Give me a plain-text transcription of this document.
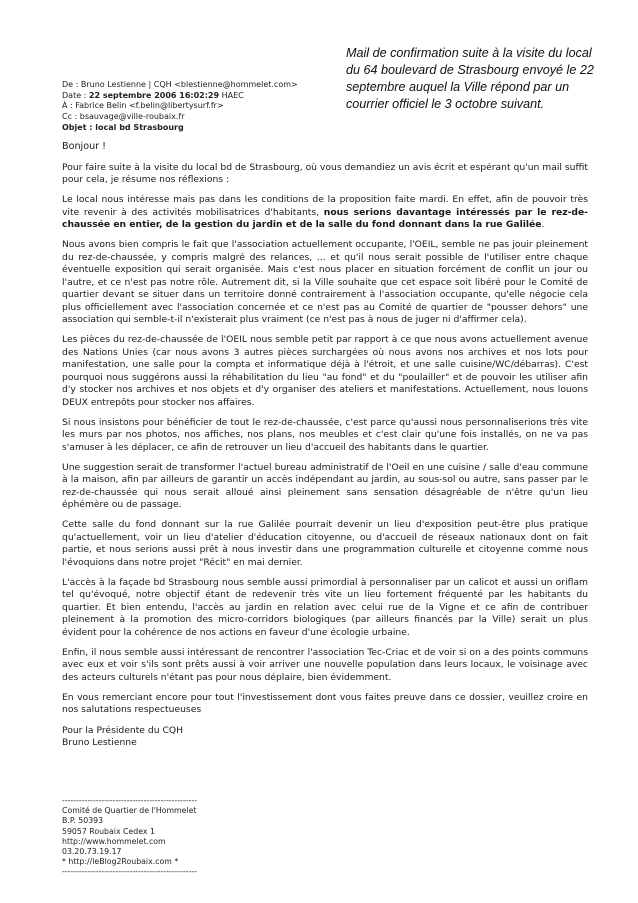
Mail de confirmation suite à la visite du local du 64 boulevard de Strasbourg envoyé le 22 septembre auquel la Ville répond par un courrier officiel le 3 octobre suivant.
De : Bruno Lestienne | CQH <blestienne@hommelet.com>
Date : 22 septembre 2006 16:02:29 HAEC
À : Fabrice Belin <f.belin@libertysurf.fr>
Cc : bsauvage@ville-roubaix.fr
Objet : local bd Strasbourg

Bonjour !

Pour faire suite à la visite du local bd de Strasbourg, où vous demandiez un avis écrit et espérant qu'un mail suffit pour cela, je résume nos réflexions :

Le local nous intéresse mais pas dans les conditions de la proposition faite mardi. En effet, afin de pouvoir très vite revenir à des activités mobilisatrices d'habitants, nous serions davantage intéressés par le rez-de-chaussée en entier, de la gestion du jardin et de la salle du fond donnant dans la rue Galilée.

Nous avons bien compris le fait que l'association actuellement occupante, l'OEIL, semble ne pas jouir pleinement du rez-de-chaussée, y compris malgré des relances, ... et qu'il nous serait possible de l'utiliser entre chaque éventuelle exposition qui serait organisée. Mais c'est nous placer en situation forcément de conflit un jour ou l'autre, et ce n'est pas notre rôle. Autrement dit, si la Ville souhaite que cet espace soit libéré pour le Comité de quartier devant se situer dans un territoire donné contrairement à l'association occupante, qu'elle négocie cela plus officiellement avec l'association concernée et ce n'est pas au Comité de quartier de "pousser dehors" une association qui semble-t-il n'existerait plus vraiment (ce n'est pas à nous de juger ni d'affirmer cela).

Les pièces du rez-de-chaussée de l'OEIL nous semble petit par rapport à ce que nous avons actuellement avenue des Nations Unies (car nous avons 3 autres pièces surchargées où nous avons nos archives et nos lots pour manifestation, une salle pour la compta et informatique déjà à l'étroit, et une salle cuisine/WC/débarras). C'est pourquoi nous suggérons aussi la réhabilitation du lieu "au fond" et du "poulailler" et de pouvoir les utiliser afin d'y stocker nos archives et nos objets et d'y organiser des ateliers et manifestations. Actuellement, nous louons DEUX entrepôts pour stocker nos affaires.

Si nous insistons pour bénéficier de tout le rez-de-chaussée, c'est parce qu'aussi nous personnaliserions très vite les murs par nos photos, nos affiches, nos plans, nos meubles et c'est clair qu'une fois installés, on ne va pas s'amuser à les déplacer, ce afin de retrouver un lieu d'accueil des habitants dans le quartier.

Une suggestion serait de transformer l'actuel bureau administratif de l'Oeil en une cuisine / salle d'eau commune à la maison, afin par ailleurs de garantir un accès indépendant au jardin, au sous-sol ou autre, sans passer par le rez-de-chaussée qui nous serait alloué ainsi pleinement sans sensation désagréable de n'être qu'un lieu éphémère ou de passage.

Cette salle du fond donnant sur la rue Galilée pourrait devenir un lieu d'exposition peut-être plus pratique qu'actuellement, voir un lieu d'atelier d'éducation citoyenne, ou d'accueil de réseaux nationaux dont on fait partie, et nous serions aussi prêt à nous investir dans une programmation culturelle et citoyenne comme nous l'évoquions dans notre projet "Récit" en mai dernier.

L'accès à la façade bd Strasbourg nous semble aussi primordial à personnaliser par un calicot et aussi un oriflam tel qu'évoqué, notre objectif étant de redevenir très vite un lieu fortement fréquenté par les habitants du quartier. Et bien entendu, l'accès au jardin en relation avec celui rue de la Vigne et ce afin de contribuer pleinement à la promotion des micro-corridors biologiques (par ailleurs financés par la Ville) serait un plus évident pour la cohérence de nos actions en faveur d'une écologie urbaine.

Enfin, il nous semble aussi intéressant de rencontrer l'association Tec-Criac et de voir si on a des points communs avec eux et voir s'ils sont prêts aussi à voir arriver une nouvelle population dans leurs locaux, le voisinage avec des acteurs culturels n'étant pas pour nous déplaire, bien évidemment.

En vous remerciant encore pour tout l'investissement dont vous faites preuve dans ce dossier, veuillez croire en nos salutations respectueuses

Pour la Présidente du CQH
Bruno Lestienne
------------------------------------------------
Comité de Quartier de l'Hommelet
B.P. 50393
59057 Roubaix Cedex 1
http://www.hommelet.com
03.20.73.19.17
* http://leBlog2Roubaix.com *
------------------------------------------------
